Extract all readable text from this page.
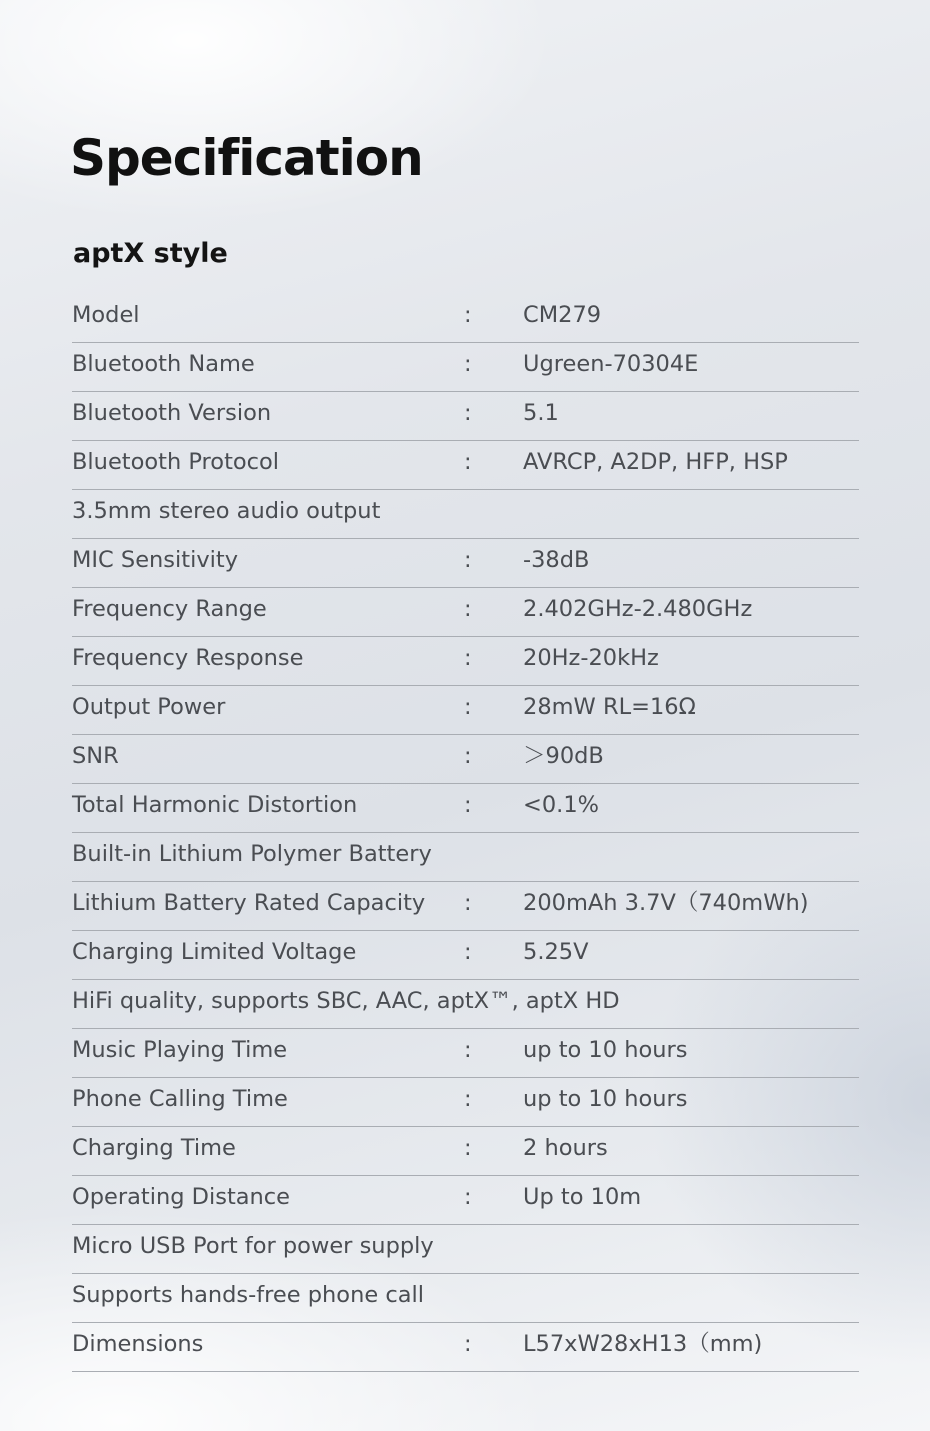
Specification
aptX style
Model	: CM279
Bluetooth Name	: Ugreen-70304E
Bluetooth Version	: 5.1
Bluetooth Protocol	: AVRCP, A2DP, HFP, HSP
3.5mm stereo audio output
MIC Sensitivity	: -38dB
Frequency Range	: 2.402GHz-2.480GHz
Frequency Response	: 20Hz-20kHz
Output Power	: 28mW RL=16Ω
SNR	: ＞90dB
Total Harmonic Distortion	: <0.1%
Built-in Lithium Polymer Battery
Lithium Battery Rated Capacity : 200mAh 3.7V（740mWh)
Charging Limited Voltage	: 5.25V
HiFi quality, supports SBC, AAC, aptX™, aptX HD
Music Playing Time	: up to 10 hours
Phone Calling Time	: up to 10 hours
Charging Time	: 2 hours
Operating Distance	: Up to 10m
Micro USB Port for power supply
Supports hands-free phone call
Dimensions	: L57xW28xH13（mm)
